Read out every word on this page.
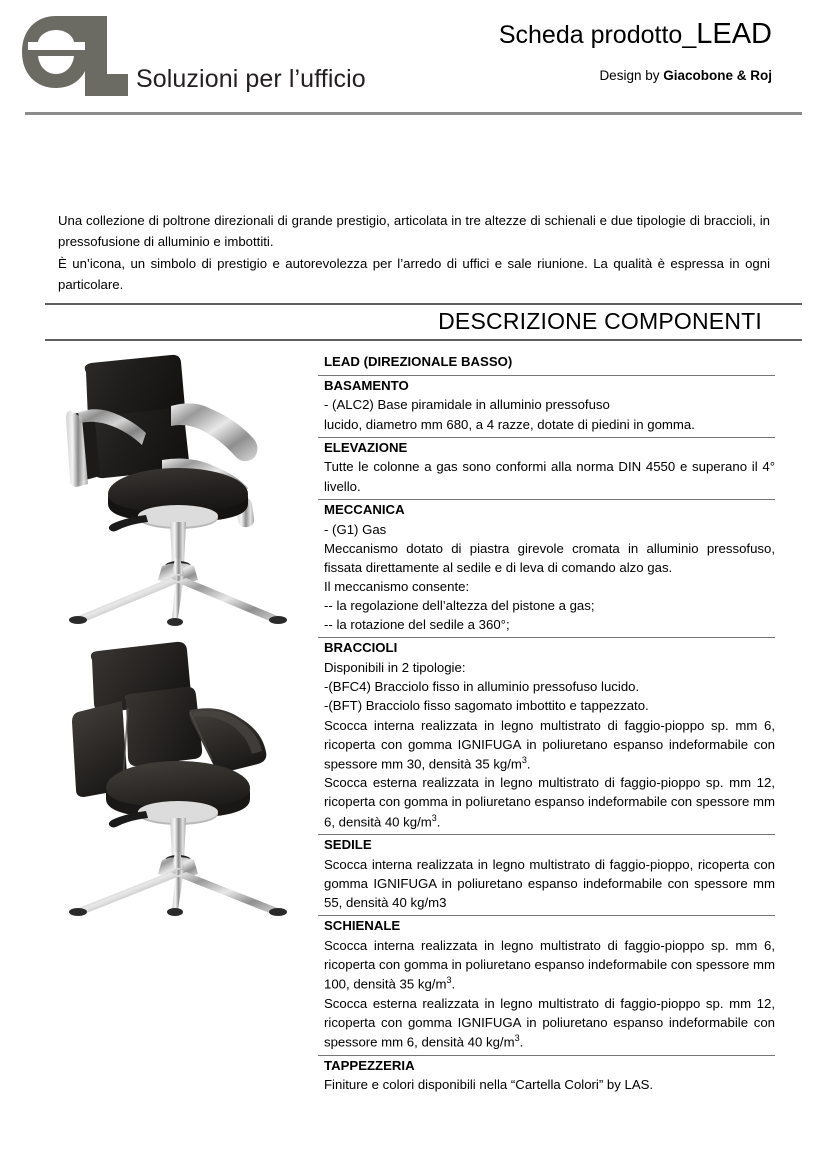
Soluzioni per l’ufficio
Scheda prodotto_LEAD
Design by Giacobone & Roj

Una collezione di poltrone direzionali di grande prestigio, articolata in tre altezze di schienali e due tipologie di braccioli, in pressofusione di alluminio e imbottiti.

È un’icona, un simbolo di prestigio e autorevolezza per l’arredo di uffici e sale riunione. La qualità è espressa in ogni particolare.

DESCRIZIONE COMPONENTI

LEAD (DIREZIONALE BASSO)

BASAMENTO

- (ALC2) Base piramidale in alluminio pressofuso

lucido, diametro mm 680, a 4 razze, dotate di piedini in gomma.

ELEVAZIONE

Tutte le colonne a gas sono conformi alla norma DIN 4550 e superano il 4° livello.

MECCANICA

- (G1) Gas

Meccanismo dotato di piastra girevole cromata in alluminio pressofuso, fissata direttamente al sedile e di leva di comando alzo gas.

Il meccanismo consente:

-- la regolazione dell’altezza del pistone a gas;

-- la rotazione del sedile a 360°;

BRACCIOLI

Disponibili in 2 tipologie:

-(BFC4) Bracciolo fisso in alluminio pressofuso lucido.

-(BFT) Bracciolo fisso sagomato imbottito e tappezzato.

Scocca interna realizzata in legno multistrato di faggio-pioppo sp. mm 6, ricoperta con gomma IGNIFUGA in poliuretano espanso indeformabile con spessore mm 30, densità 35 $kg/m^3$.

Scocca esterna realizzata in legno multistrato di faggio-pioppo sp. mm 12, ricoperta con gomma in poliuretano espanso indeformabile con spessore mm 6, densità 40 $kg/m^3$.

SEDILE

Scocca interna realizzata in legno multistrato di faggio-pioppo, ricoperta con gomma IGNIFUGA in poliuretano espanso indeformabile con spessore mm 55, densità 40 kg/m3

SCHIENALE

Scocca interna realizzata in legno multistrato di faggio-pioppo sp. mm 6, ricoperta con gomma in poliuretano espanso indeformabile con spessore mm 100, densità 35 $kg/m^3$.

Scocca esterna realizzata in legno multistrato di faggio-pioppo sp. mm 12, ricoperta con gomma IGNIFUGA in poliuretano espanso indeformabile con spessore mm 6, densità 40 $kg/m^3$.

TAPPEZZERIA

Finiture e colori disponibili nella “Cartella Colori” by LAS.
